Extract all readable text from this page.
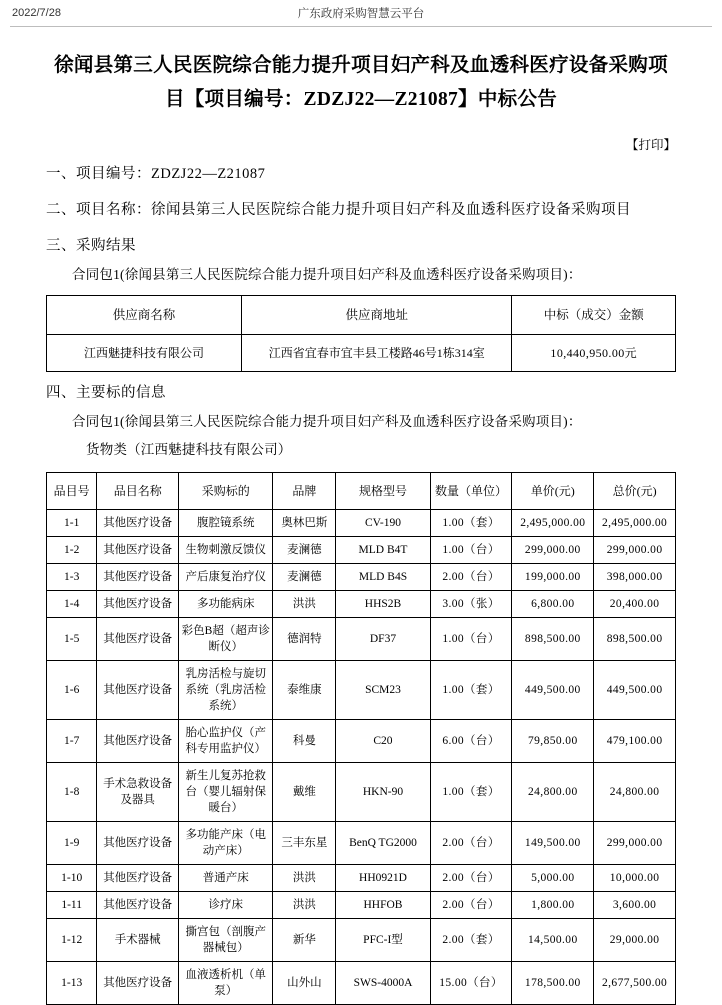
2022/7/28	广东政府采购智慧云平台
徐闻县第三人民医院综合能力提升项目妇产科及血透科医疗设备采购项目【项目编号：ZDZJ22—Z21087】中标公告
【打印】
一、项目编号：ZDZJ22—Z21087
二、项目名称：徐闻县第三人民医院综合能力提升项目妇产科及血透科医疗设备采购项目
三、采购结果
合同包1(徐闻县第三人民医院综合能力提升项目妇产科及血透科医疗设备采购项目)：
供应商名称	供应商地址	中标（成交）金额
江西魅捷科技有限公司	江西省宜春市宜丰县工楼路46号1栋314室	10,440,950.00元
四、主要标的信息
合同包1(徐闻县第三人民医院综合能力提升项目妇产科及血透科医疗设备采购项目)：
货物类（江西魅捷科技有限公司）
品目号	品目名称	采购标的	品牌	规格型号	数量（单位）	单价(元)	总价(元)
1-1	其他医疗设备	腹腔镜系统	奥林巴斯	CV-190	1.00（套）	2,495,000.00	2,495,000.00
1-2	其他医疗设备	生物刺激反馈仪	麦澜德	MLD B4T	1.00（台）	299,000.00	299,000.00
1-3	其他医疗设备	产后康复治疗仪	麦澜德	MLD B4S	2.00（台）	199,000.00	398,000.00
1-4	其他医疗设备	多功能病床	洪洪	HHS2B	3.00（张）	6,800.00	20,400.00
1-5	其他医疗设备	彩色B超（超声诊断仪）	德润特	DF37	1.00（台）	898,500.00	898,500.00
1-6	其他医疗设备	乳房活检与旋切系统（乳房活检系统）	泰维康	SCM23	1.00（套）	449,500.00	449,500.00
1-7	其他医疗设备	胎心监护仪（产科专用监护仪）	科曼	C20	6.00（台）	79,850.00	479,100.00
1-8	手术急救设备及器具	新生儿复苏抢救台（婴儿辐射保暖台）	戴维	HKN-90	1.00（套）	24,800.00	24,800.00
1-9	其他医疗设备	多功能产床（电动产床）	三丰东星	BenQ TG2000	2.00（台）	149,500.00	299,000.00
1-10	其他医疗设备	普通产床	洪洪	HH0921D	2.00（台）	5,000.00	10,000.00
1-11	其他医疗设备	诊疗床	洪洪	HHFOB	2.00（台）	1,800.00	3,600.00
1-12	手术器械	撕宫包（剖腹产器械包）	新华	PFC-I型	2.00（套）	14,500.00	29,000.00
1-13	其他医疗设备	血液透析机（单泵）	山外山	SWS-4000A	15.00（台）	178,500.00	2,677,500.00
